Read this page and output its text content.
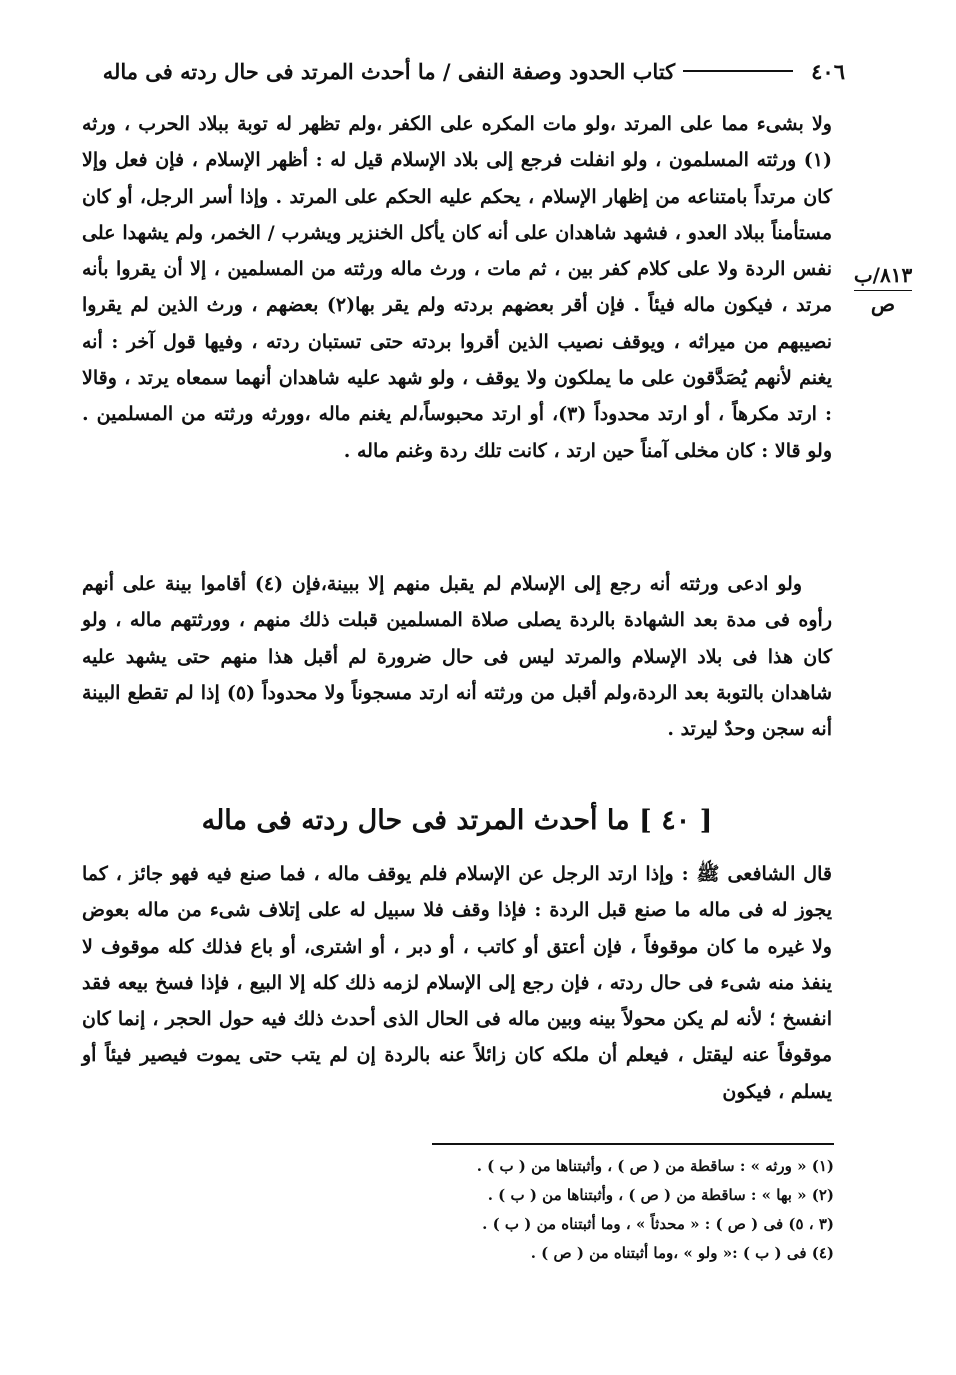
٤٠٦
كتاب الحدود وصفة النفى / ما أحدث المرتد فى حال ردته فى ماله
٨١٣/ب
ص

ولا بشىء مما على المرتد ،ولو مات المكره على الكفر ،ولم تظهر له توبة ببلاد الحرب ، ورثه (١) ورثته المسلمون ، ولو انفلت فرجع إلى بلاد الإسلام قيل له : أظهر الإسلام ، فإن فعل وإلا كان مرتداً بامتناعه من إظهار الإسلام ، يحكم عليه الحكم على المرتد . وإذا أسر الرجل، أو كان مستأمناً ببلاد العدو ، فشهد شاهدان على أنه كان يأكل الخنزير ويشرب / الخمر، ولم يشهدا على نفس الردة ولا على كلام كفر بين ، ثم مات ، ورث ماله ورثته من المسلمين ، إلا أن يقروا بأنه مرتد ، فيكون ماله فيئاً . فإن أقر بعضهم بردته ولم يقر بها(٢) بعضهم ، ورث الذين لم يقروا نصيبهم من ميراثه ، ويوقف نصيب الذين أقروا بردته حتى تستبان ردته ، وفيها قول آخر : أنه يغنم لأنهم يُصَدَّقون على ما يملكون ولا يوقف ، ولو شهد عليه شاهدان أنهما سمعاه يرتد ، وقالا : ارتد مكرهاً ، أو ارتد محدوداً (٣)، أو ارتد محبوساً،لم يغنم ماله ،وورثه ورثته من المسلمين . ولو قالا : كان مخلى آمناً حين ارتد ، كانت تلك ردة وغنم ماله .

ولو ادعى ورثته أنه رجع إلى الإسلام لم يقبل منهم إلا ببينة،فإن (٤) أقاموا بينة على أنهم رأوه فى مدة بعد الشهادة بالردة يصلى صلاة المسلمين قبلت ذلك منهم ، وورثتهم ماله ، ولو كان هذا فى بلاد الإسلام والمرتد ليس فى حال ضرورة لم أقبل هذا منهم حتى يشهد عليه شاهدان بالتوبة بعد الردة،ولم أقبل من ورثته أنه ارتد مسجوناً ولا محدوداً (٥) إذا لم تقطع البينة أنه سجن وحدٌ ليرتد .

[ ٤٠ ] ما أحدث المرتد فى حال ردته فى ماله

قال الشافعى ﷺ : وإذا ارتد الرجل عن الإسلام فلم يوقف ماله ، فما صنع فيه فهو جائز ، كما يجوز له فى ماله ما صنع قبل الردة : فإذا وقف فلا سبيل له على إتلاف شىء من ماله بعوض ولا غيره ما كان موقوفاً ، فإن أعتق أو كاتب ، أو دبر ، أو اشترى، أو باع فذلك كله موقوف لا ينفذ منه شىء فى حال ردته ، فإن رجع إلى الإسلام لزمه ذلك كله إلا البيع ، فإذا فسخ بيعه فقد انفسخ ؛ لأنه لم يكن محولاً بينه وبين ماله فى الحال الذى أحدث ذلك فيه حول الحجر ، إنما كان موقوفاً عنه ليقتل ، فيعلم أن ملكه كان زائلاً عنه بالردة إن لم يتب حتى يموت فيصير فيئاً أو يسلم ، فيكون

(١) « ورثه » : ساقطة من ( ص ) ، وأثبتناها من ( ب ) .
(٢) « بها » : ساقطة من ( ص ) ، وأثبتناها من ( ب ) .
(٣ ، ٥) فى ( ص ) : « محدثاً » ، وما أثبتناه من ( ب ) .
(٤) فى ( ب ) :« ولو » ،وما أثبتناه من ( ص ) .
